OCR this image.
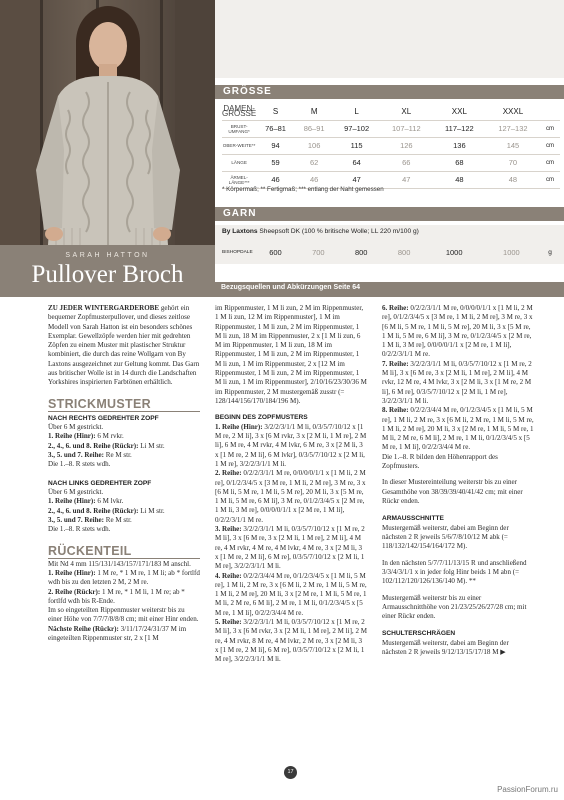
SARAH HATTON
Pullover Broch
GRÖSSE
DAMEN-GRÖSSE	S	M	L	XL	XXL	XXXL	
BRUST-UMFANG*	76–81	86–91	97–102	107–112	117–122	127–132	cm
OBER-WEITE**	94	106	115	126	136	145	cm
LÄNGE	59	62	64	66	68	70	cm
ÄRMEL-LÄNGE***	46	46	47	47	48	48	cm
* Körpermaß; ** Fertigmaß; *** entlang der Naht gemessen
GARN
By Laxtons Sheepsoft DK (100 % britische Wolle; LL 220 m/100 g)
BISHOPDALE	600	700	800	800	1000	1000	g
Bezugsquellen und Abkürzungen Seite 64

ZU JEDER WINTERGARDEROBE gehört ein bequemer Zopfmusterpullover, und dieses zeitlose Modell von Sarah Hatton ist ein besonders schönes Exemplar. Gewellzöpfe werden hier mit gedrehten Zöpfen zu einem Muster mit plastischer Struktur kombiniert, die durch das reine Wollgarn von By Laxtons ausgezeichnet zur Geltung kommt. Das Garn aus britischer Wolle ist in 14 durch die Landschaften Yorkshires inspirierten Farbtönen erhältlich.

STRICKMUSTER
NACH RECHTS GEDREHTER ZOPF

Über 6 M gestrickt.

1. Reihe (Hinr): 6 M rvkr.

2., 4., 6. und 8. Reihe (Rückr): Li M str.

3., 5. und 7. Reihe: Re M str.

Die 1.–8. R stets wdh.

NACH LINKS GEDREHTER ZOPF

Über 6 M gestrickt.

1. Reihe (Hinr): 6 M lvkr.

2., 4., 6. und 8. Reihe (Rückr): Li M str.

3., 5. und 7. Reihe: Re M str.

Die 1.–8. R stets wdh.

RÜCKENTEIL

Mit Nd 4 mm 115/131/143/157/171/183 M anschl.

1. Reihe (Hinr): 1 M re, * 1 M re, 1 M li; ab * fortlfd wdh bis zu den letzten 2 M, 2 M re.

2. Reihe (Rückr): 1 M re, * 1 M li, 1 M re; ab * fortlfd wdh bis R-Ende.

Im so eingeteilten Rippenmuster weiterstr bis zu einer Höhe von 7/7/7/8/8/8 cm; mit einer Hinr enden.

Nächste Reihe (Rückr): 3/11/17/24/31/37 M im eingeteilten Rippenmuster str, 2 x [1 M

im Rippenmuster, 1 M li zun, 2 M im Rippenmuster, 1 M li zun, 12 M im Rippenmuster], 1 M im Rippenmuster, 1 M li zun, 2 M im Rippenmuster, 1 M li zun, 18 M im Rippenmuster, 2 x [1 M li zun, 6 M im Rippenmuster, 1 M li zun, 18 M im Rippenmuster, 1 M li zun, 2 M im Rippenmuster, 1 M li zun, 1 M im Rippenmuster, 2 x [12 M im Rippenmuster, 1 M li zun, 2 M im Rippenmuster, 1 M li zun, 1 M im Rippenmuster], 2/10/16/23/30/36 M im Rippenmuster, 2 M mustergemäß zusstr (= 128/144/156/170/184/196 M).

BEGINN DES ZOPFMUSTERS

1. Reihe (Hinr): 3/2/2/3/1/1 M li, 0/3/5/7/10/12 x [1 M re, 2 M li], 3 x [6 M rvkr, 3 x [2 M li, 1 M re], 2 M li], 6 M re, 4 M rvkr, 4 M lvkr, 6 M re, 3 x [2 M li, 3 x [1 M re, 2 M li], 6 M lvkr], 0/3/5/7/10/12 x [2 M li, 1 M re], 3/2/2/3/1/1 M li.

2. Reihe: 0/2/2/3/1/1 M re, 0/0/0/0/1/1 x [1 M li, 2 M re], 0/1/2/3/4/5 x [3 M re, 1 M li, 2 M re], 3 M re, 3 x [6 M li, 5 M re, 1 M li, 5 M re], 20 M li, 3 x [5 M re, 1 M li, 5 M re, 6 M li], 3 M re, 0/1/2/3/4/5 x [2 M re, 1 M li, 3 M re], 0/0/0/0/1/1 x [2 M re, 1 M li], 0/2/2/3/1/1 M re.

3. Reihe: 3/2/2/3/1/1 M li, 0/3/5/7/10/12 x [1 M re, 2 M li], 3 x [6 M re, 3 x [2 M li, 1 M re], 2 M li], 4 M re, 4 M rvkr, 4 M re, 4 M lvkr, 4 M re, 3 x [2 M li, 3 x [1 M re, 2 M li], 6 M re], 0/3/5/7/10/12 x [2 M li, 1 M re], 3/2/2/3/1/1 M li.

4. Reihe: 0/2/2/3/4/4 M re, 0/1/2/3/4/5 x [1 M li, 5 M re], 1 M li, 2 M re, 3 x [6 M li, 2 M re, 1 M li, 5 M re, 1 M li, 2 M re], 20 M li, 3 x [2 M re, 1 M li, 5 M re, 1 M li, 2 M re, 6 M li], 2 M re, 1 M li, 0/1/2/3/4/5 x [5 M re, 1 M li], 0/2/2/3/4/4 M re.

5. Reihe: 3/2/2/3/1/1 M li, 0/3/5/7/10/12 x [1 M re, 2 M li], 3 x [6 M rvkr, 3 x [2 M li, 1 M re], 2 M li], 2 M re, 4 M rvkr, 8 M re, 4 M lvkr, 2 M re, 3 x [2 M li, 3 x [1 M re, 2 M li], 6 M re], 0/3/5/7/10/12 x [2 M li, 1 M re], 3/2/2/3/1/1 M li.

6. Reihe: 0/2/2/3/1/1 M re, 0/0/0/0/1/1 x [1 M li, 2 M re], 0/1/2/3/4/5 x [3 M re, 1 M li, 2 M re], 3 M re, 3 x [6 M li, 5 M re, 1 M li, 5 M re], 20 M li, 3 x [5 M re, 1 M li, 5 M re, 6 M li], 3 M re, 0/1/2/3/4/5 x [2 M re, 1 M li, 3 M re], 0/0/0/0/1/1 x [2 M re, 1 M li], 0/2/2/3/1/1 M re.

7. Reihe: 3/2/2/3/1/1 M li, 0/3/5/7/10/12 x [1 M re, 2 M li], 3 x [6 M re, 3 x [2 M li, 1 M re], 2 M li], 4 M rvkr, 12 M re, 4 M lvkr, 3 x [2 M li, 3 x [1 M re, 2 M li], 6 M re], 0/3/5/7/10/12 x [2 M li, 1 M re], 3/2/2/3/1/1 M li.

8. Reihe: 0/2/2/3/4/4 M re, 0/1/2/3/4/5 x [1 M li, 5 M re], 1 M li, 2 M re, 3 x [6 M li, 2 M re, 1 M li, 5 M re, 1 M li, 2 M re], 20 M li, 3 x [2 M re, 1 M li, 5 M re, 1 M li, 2 M re, 6 M li], 2 M re, 1 M li, 0/1/2/3/4/5 x [5 M re, 1 M li], 0/2/2/3/4/4 M re.

Die 1.–8. R bilden den Höhenrapport des Zopfmusters.

In dieser Mustereinteilung weiterstr bis zu einer Gesamthöhe von 38/39/39/40/41/42 cm; mit einer Rückr enden.

ARMAUSSCHNITTE

Mustergemäß weiterstr, dabei am Beginn der nächsten 2 R jeweils 5/6/7/8/10/12 M abk (= 118/132/142/154/164/172 M).

In den nächsten 5/7/7/11/13/15 R und anschließend 3/3/4/3/1/1 x in jeder folg Hinr beids 1 M abn (= 102/112/120/126/136/140 M). **

Mustergemäß weiterstr bis zu einer Armausschnitthöhe von 21/23/25/26/27/28 cm; mit einer Rückr enden.

SCHULTERSCHRÄGEN

Mustergemäß weiterstr, dabei am Beginn der nächsten 2 R jeweils 9/12/13/15/17/18 M ▶

17
PassionForum.ru
